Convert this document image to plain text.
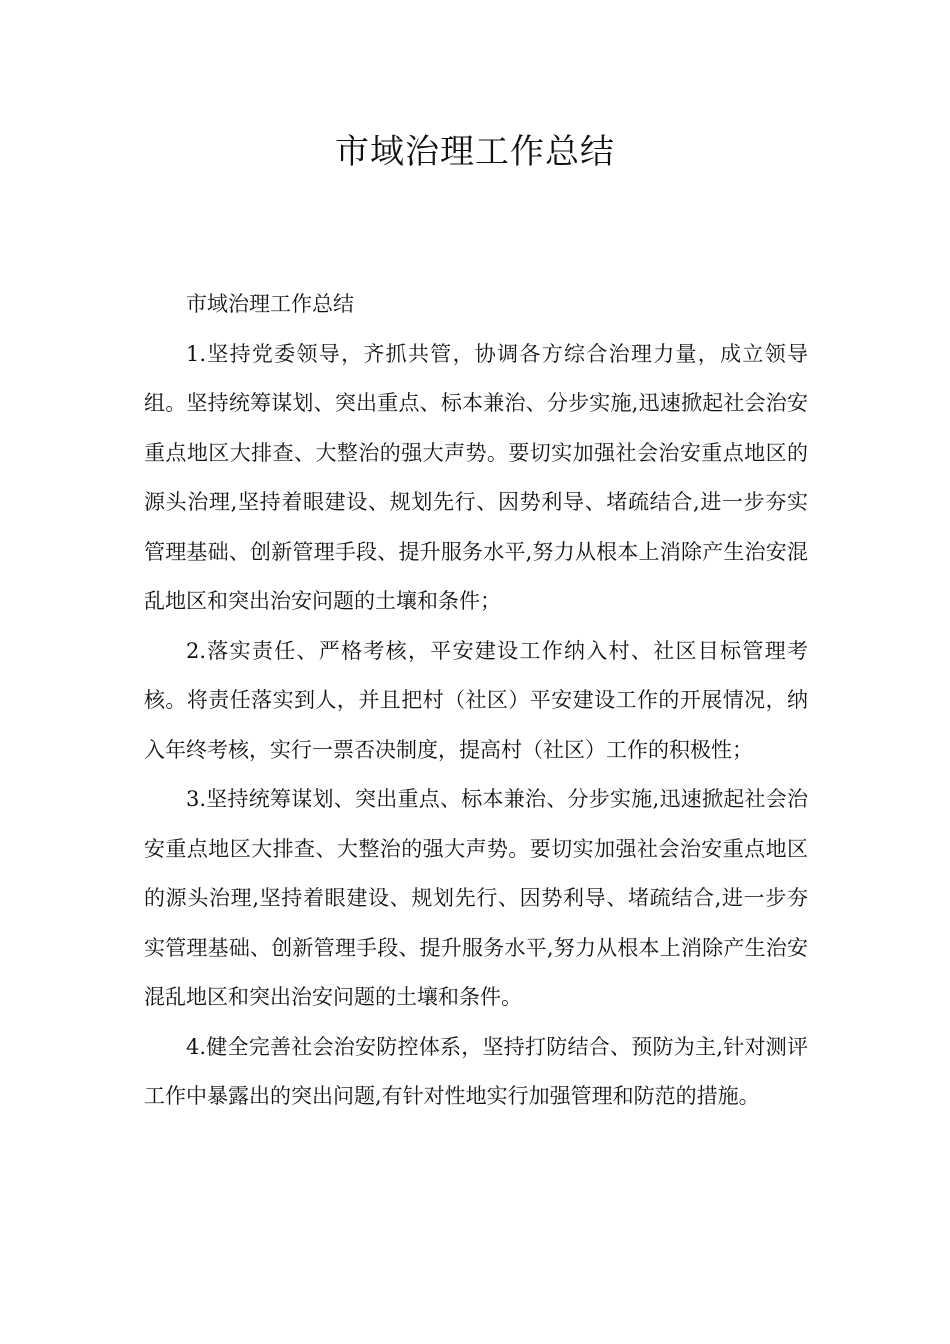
市域治理工作总结

市域治理工作总结

1.坚持党委领导，齐抓共管，协调各方综合治理力量，成立领导组。坚持统筹谋划、突出重点、标本兼治、分步实施,迅速掀起社会治安重点地区大排查、大整治的强大声势。要切实加强社会治安重点地区的源头治理,坚持着眼建设、规划先行、因势利导、堵疏结合,进一步夯实管理基础、创新管理手段、提升服务水平,努力从根本上消除产生治安混乱地区和突出治安问题的土壤和条件；

2.落实责任、严格考核，平安建设工作纳入村、社区目标管理考核。将责任落实到人，并且把村（社区）平安建设工作的开展情况，纳入年终考核，实行一票否决制度，提高村（社区）工作的积极性；

3.坚持统筹谋划、突出重点、标本兼治、分步实施,迅速掀起社会治安重点地区大排查、大整治的强大声势。要切实加强社会治安重点地区的源头治理,坚持着眼建设、规划先行、因势利导、堵疏结合,进一步夯实管理基础、创新管理手段、提升服务水平,努力从根本上消除产生治安混乱地区和突出治安问题的土壤和条件。

4.健全完善社会治安防控体系，坚持打防结合、预防为主,针对测评工作中暴露出的突出问题,有针对性地实行加强管理和防范的措施。
